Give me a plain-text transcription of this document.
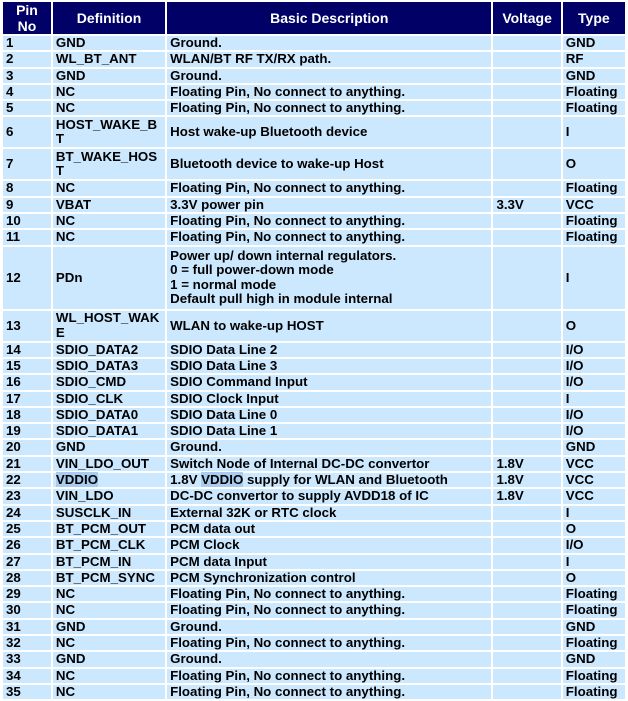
Pin No	Definition	Basic Description	Voltage	Type
1	GND	Ground.		GND
2	WL_BT_ANT	WLAN/BT RF TX/RX path.		RF
3	GND	Ground.		GND
4	NC	Floating Pin, No connect to anything.		Floating
5	NC	Floating Pin, No connect to anything.		Floating
6	HOST_WAKE_BT	Host wake-up Bluetooth device		I
7	BT_WAKE_HOST	Bluetooth device to wake-up Host		O
8	NC	Floating Pin, No connect to anything.		Floating
9	VBAT	3.3V power pin	3.3V	VCC
10	NC	Floating Pin, No connect to anything.		Floating
11	NC	Floating Pin, No connect to anything.		Floating
12	PDn	Power up/ down internal regulators.
0 = full power-down mode
1 = normal mode
Default pull high in module internal		I
13	WL_HOST_WAKE	WLAN to wake-up HOST		O
14	SDIO_DATA2	SDIO Data Line 2		I/O
15	SDIO_DATA3	SDIO Data Line 3		I/O
16	SDIO_CMD	SDIO Command Input		I/O
17	SDIO_CLK	SDIO Clock Input		I
18	SDIO_DATA0	SDIO Data Line 0		I/O
19	SDIO_DATA1	SDIO Data Line 1		I/O
20	GND	Ground.		GND
21	VIN_LDO_OUT	Switch Node of Internal DC-DC convertor	1.8V	VCC
22	VDDIO	1.8V VDDIO supply for WLAN and Bluetooth	1.8V	VCC
23	VIN_LDO	DC-DC convertor to supply AVDD18 of IC	1.8V	VCC
24	SUSCLK_IN	External 32K or RTC clock		I
25	BT_PCM_OUT	PCM data out		O
26	BT_PCM_CLK	PCM Clock		I/O
27	BT_PCM_IN	PCM data Input		I
28	BT_PCM_SYNC	PCM Synchronization control		O
29	NC	Floating Pin, No connect to anything.		Floating
30	NC	Floating Pin, No connect to anything.		Floating
31	GND	Ground.		GND
32	NC	Floating Pin, No connect to anything.		Floating
33	GND	Ground.		GND
34	NC	Floating Pin, No connect to anything.		Floating
35	NC	Floating Pin, No connect to anything.		Floating
